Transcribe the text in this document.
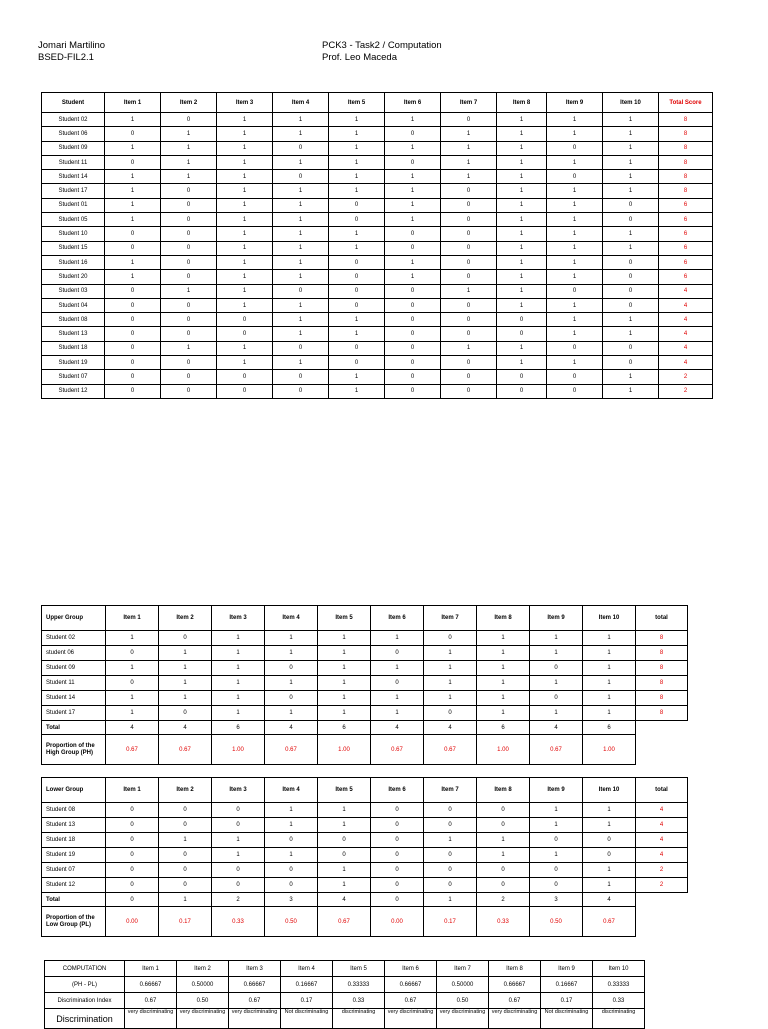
Jomari Martilino
BSED-FIL2.1
PCK3 - Task2 / Computation
Prof. Leo Maceda
Student	Item 1	Item 2	Item 3	Item 4	Item 5	Item 6	Item 7	Item 8	Item 9	Item 10	Total Score
Student 02	1	0	1	1	1	1	0	1	1	1	8
Student 06	0	1	1	1	1	0	1	1	1	1	8
Student 09	1	1	1	0	1	1	1	1	0	1	8
Student 11	0	1	1	1	1	0	1	1	1	1	8
Student 14	1	1	1	0	1	1	1	1	0	1	8
Student 17	1	0	1	1	1	1	0	1	1	1	8
Student 01	1	0	1	1	0	1	0	1	1	0	6
Student 05	1	0	1	1	0	1	0	1	1	0	6
Student 10	0	0	1	1	1	0	0	1	1	1	6
Student 15	0	0	1	1	1	0	0	1	1	1	6
Student 16	1	0	1	1	0	1	0	1	1	0	6
Student 20	1	0	1	1	0	1	0	1	1	0	6
Student 03	0	1	1	0	0	0	1	1	0	0	4
Student 04	0	0	1	1	0	0	0	1	1	0	4
Student 08	0	0	0	1	1	0	0	0	1	1	4
Student 13	0	0	0	1	1	0	0	0	1	1	4
Student 18	0	1	1	0	0	0	1	1	0	0	4
Student 19	0	0	1	1	0	0	0	1	1	0	4
Student 07	0	0	0	0	1	0	0	0	0	1	2
Student 12	0	0	0	0	1	0	0	0	0	1	2
Upper Group	Item 1	Item 2	Item 3	Item 4	Item 5	Item 6	Item 7	Item 8	Item 9	Item 10	total
Student 02	1	0	1	1	1	1	0	1	1	1	8
student 06	0	1	1	1	1	0	1	1	1	1	8
Student 09	1	1	1	0	1	1	1	1	0	1	8
Student 11	0	1	1	1	1	0	1	1	1	1	8
Student 14	1	1	1	0	1	1	1	1	0	1	8
Student 17	1	0	1	1	1	1	0	1	1	1	8
Total	4	4	6	4	6	4	4	6	4	6	
Proportion of the High Group (PH)	0.67	0.67	1.00	0.67	1.00	0.67	0.67	1.00	0.67	1.00	
Lower Group	Item 1	Item 2	Item 3	Item 4	Item 5	Item 6	Item 7	Item 8	Item 9	Item 10	total
Student 08	0	0	0	1	1	0	0	0	1	1	4
Student 13	0	0	0	1	1	0	0	0	1	1	4
Student 18	0	1	1	0	0	0	1	1	0	0	4
Student 19	0	0	1	1	0	0	0	1	1	0	4
Student 07	0	0	0	0	1	0	0	0	0	1	2
Student 12	0	0	0	0	1	0	0	0	0	1	2
Total	0	1	2	3	4	0	1	2	3	4	
Proportion of the Low Group (PL)	0.00	0.17	0.33	0.50	0.67	0.00	0.17	0.33	0.50	0.67	
COMPUTATION	Item 1	Item 2	Item 3	Item 4	Item 5	Item 6	Item 7	Item 8	Item 9	Item 10
(PH - PL)	0.66667	0.50000	0.66667	0.16667	0.33333	0.66667	0.50000	0.66667	0.16667	0.33333
Discrimination Index	0.67	0.50	0.67	0.17	0.33	0.67	0.50	0.67	0.17	0.33
Discrimination	very discriminating	very discriminating	very discriminating	Not discriminating	discriminating	very discriminating	very discriminating	very discriminating	Not discriminating	discriminating
